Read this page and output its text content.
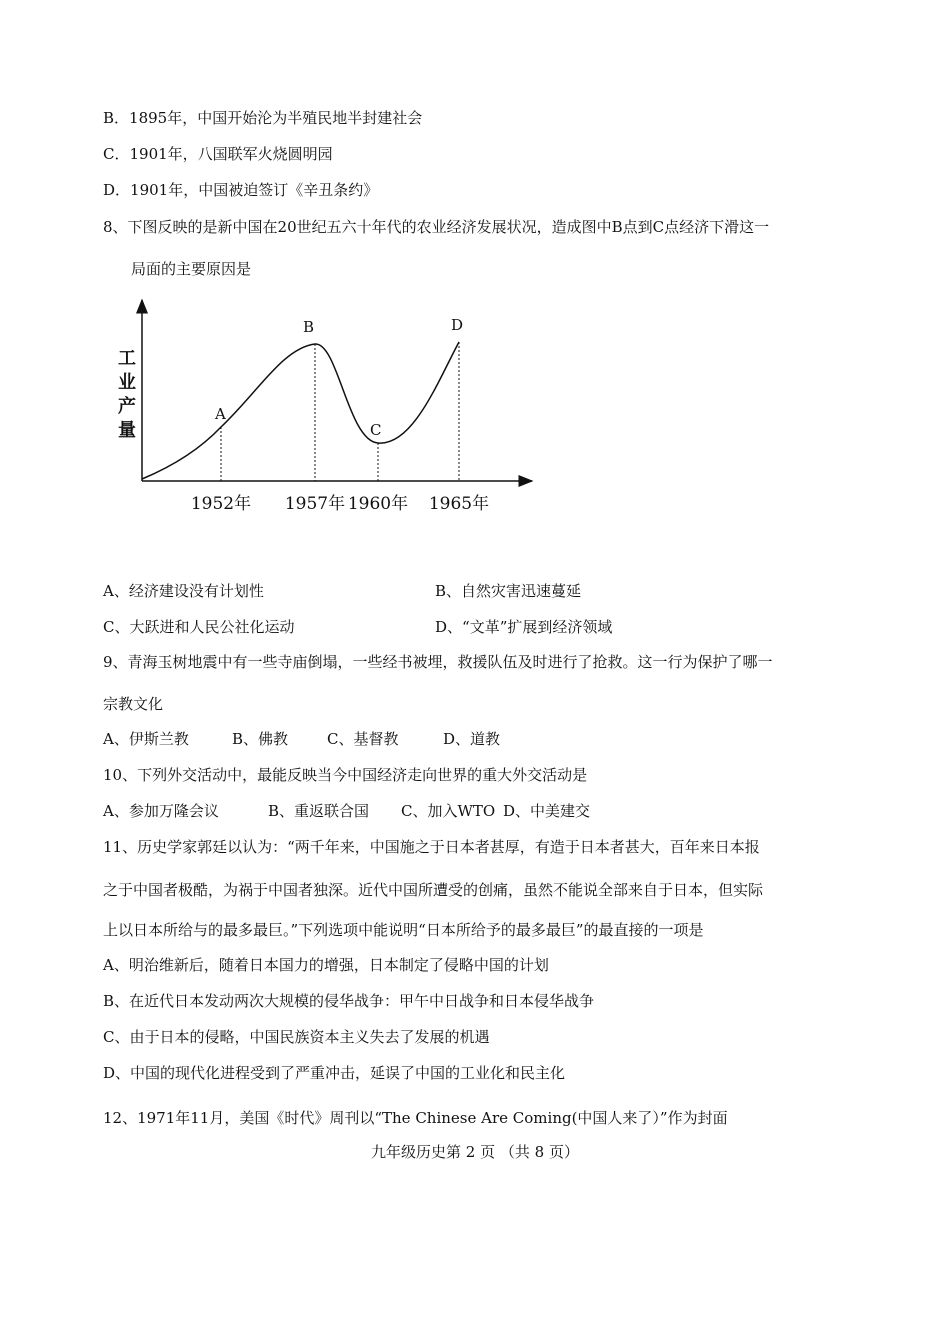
B．1895年，中国开始沦为半殖民地半封建社会
C．1901年，八国联军火烧圆明园
D．1901年，中国被迫签订《辛丑条约》
8、下图反映的是新中国在20世纪五六十年代的农业经济发展状况，造成图中B点到C点经济下滑这一
局面的主要原因是
工
业
产
量
A
B
C
D
1952年 1957年 1960年 1965年
A、经济建设没有计划性	B、自然灾害迅速蔓延
C、大跃进和人民公社化运动	D、“文革”扩展到经济领域
9、青海玉树地震中有一些寺庙倒塌，一些经书被埋，救援队伍及时进行了抢救。这一行为保护了哪一
宗教文化
A、伊斯兰教	B、佛教	C、基督教	D、道教
10、下列外交活动中，最能反映当今中国经济走向世界的重大外交活动是
A、参加万隆会议	B、重返联合国 C、加入WTO D、中美建交
11、历史学家郭廷以认为：“两千年来，中国施之于日本者甚厚，有造于日本者甚大，百年来日本报
之于中国者极酷，为祸于中国者独深。近代中国所遭受的创痛，虽然不能说全部来自于日本，但实际
上以日本所给与的最多最巨。”下列选项中能说明“日本所给予的最多最巨”的最直接的一项是
A、明治维新后，随着日本国力的增强，日本制定了侵略中国的计划
B、在近代日本发动两次大规模的侵华战争：甲午中日战争和日本侵华战争
C、由于日本的侵略，中国民族资本主义失去了发展的机遇
D、中国的现代化进程受到了严重冲击，延误了中国的工业化和民主化
12、1971年11月，美国《时代》周刊以“The Chinese Are Coming(中国人来了）”作为封面
九年级历史第 2 页 （共 8 页）
